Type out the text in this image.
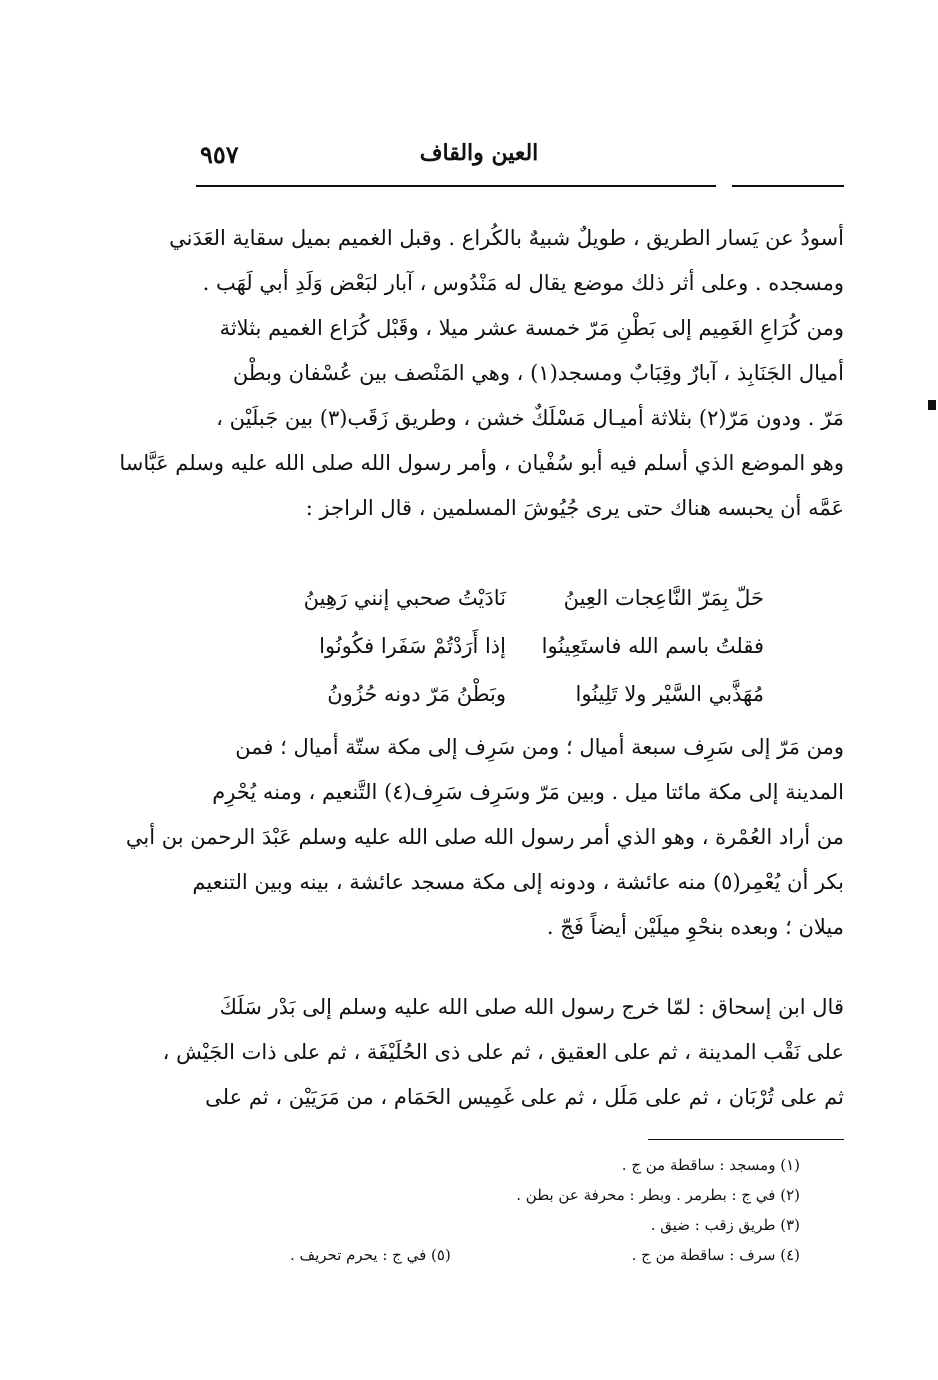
العين والقاف
٩٥٧
أسودُ عن يَسار الطريق ، طويلٌ شبيهٌ بالكُراع . وقبل الغميم بميل سقاية العَدَني
ومسجده . وعلى أثر ذلك موضع يقال له مَنْدُوس ، آبار لبَعْض وَلَدِ أبي لَهَب .
ومن كُرَاعِ الغَمِيم إلى بَطْنِ مَرّ خمسة عشر ميلا ، وقَبْل كُرَاع الغميم بثلاثة
أميال الجَنَابِذ ، آبارٌ وقِبَابٌ ومسجد(١) ، وهي المَنْصف بين عُسْفان وبطْن
مَرّ . ودون مَرّ(٢) بثلاثة أميـال مَسْلَكٌ خشن ، وطريق زَقَب(٣) بين جَبلَيْن ،
وهو الموضع الذي أسلم فيه أبو سُفْيان ، وأمر رسول الله صلى الله عليه وسلم عَبَّاسا
عَمَّه أن يحبسه هناك حتى يرى جُيُوشَ المسلمين ، قال الراجز :
حَلّ بِمَرّ النَّاعِجات العِينُ
نَادَيْتُ صحبي إنني رَهِينُ
فقلتُ باسم الله فاستَعِينُوا
إذا أَرَدْتُمْ سَفَرا فكُونُوا
مُهَذَّبي السَّيْر ولا تَلِينُوا
وبَطْنُ مَرّ دونه حُزُونُ
ومن مَرّ إلى سَرِف سبعة أميال ؛ ومن سَرِف إلى مكة ستّة أميال ؛ فمن
المدينة إلى مكة مائتا ميل . وبين مَرّ وسَرِف سَرِف(٤) التَّنعيم ، ومنه يُحْرِم
من أراد العُمْرة ، وهو الذي أمر رسول الله صلى الله عليه وسلم عَبْدَ الرحمن بن أبي
بكر أن يُعْمِر(٥) منه عائشة ، ودونه إلى مكة مسجد عائشة ، بينه وبين التنعيم
ميلان ؛ وبعده بنحْوِ ميلَيْن أيضاً فَجّ .
قال ابن إسحاق : لمّا خرج رسول الله صلى الله عليه وسلم إلى بَدْر سَلَكَ
على نَقْب المدينة ، ثم على العقيق ، ثم على ذى الحُلَيْفَة ، ثم على ذات الجَيْش ،
ثم على تُرْبَان ، ثم على مَلَل ، ثم على غَمِيس الحَمَام ، من مَرَيَيْن ، ثم على
(١) ومسجد : ساقطة من ج .
(٢) في ج : بطرمر . وبطر : محرفة عن بطن .
(٣) طريق زقب : ضيق .
(٤) سرف : ساقطة من ج .
(٥) في ج : يحرم تحريف .
